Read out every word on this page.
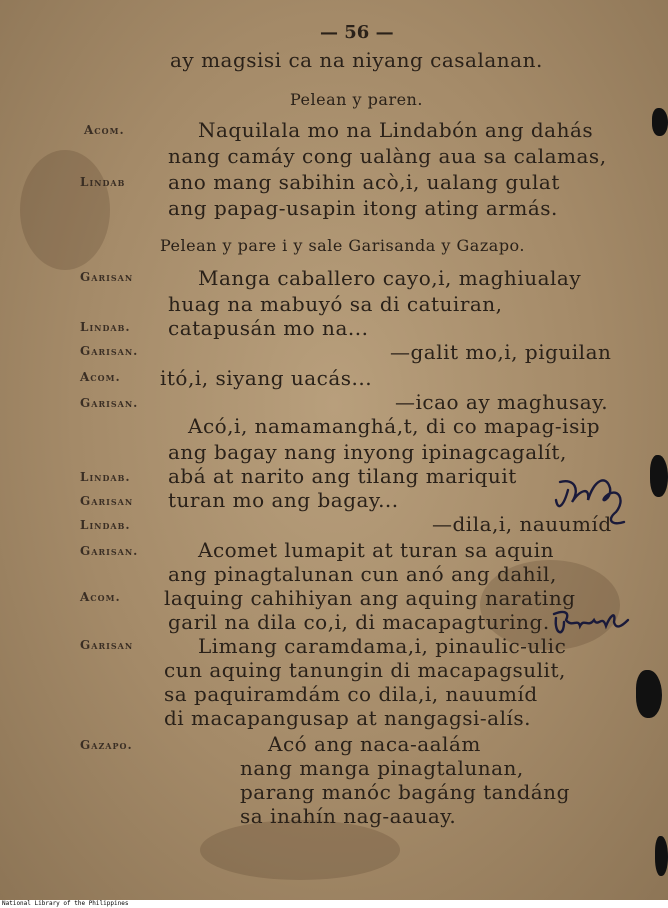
— 56 —
ay magsisi ca na niyang casalanan.
Pelean y paren.
Acom.	Naquilala mo na Lindabón ang dahás
nang camáy cong ualàng aua sa calamas,
Lindab ano mang sabihin acò,i, ualang gulat
ang papag-usapin itong ating armás.
Pelean y pare i y sale Garisanda y Gazapo.
Garisan	Manga caballero cayo,i, maghiualay
huag na mabuyó sa di catuiran,
Lindab. catapusán mo na...
Garisan.	—galit mo,i, piguilan
Acom. itó,i, siyang uacás...
Garisan.	—icao ay maghusay.
Acó,i, namamanghá,t, di co mapag-isip
ang bagay nang inyong ipinagcagalít,
Lindab. abá at narito ang tilang mariquit
Garisan turan mo ang bagay...
Lindab.	—dila,i, nauumíd
Garisan.	Acomet lumapit at turan sa aquin
ang pinagtalunan cun anó ang dahil,
Acom. laquing cahihiyan ang aquing narating
garil na dila co,i, di macapagturing.
Garisan	Limang caramdama,i, pinaulic-ulic
cun aquing tanungin di macapagsulit,
sa paquiramdám co dila,i, nauumíd
di macapangusap at nangagsi-alís.
Gazapo.	Acó ang naca-aalám
nang manga pinagtalunan,
parang manóc bagáng tandáng
sa inahín nag-aauay.
National Library of the Philippines
